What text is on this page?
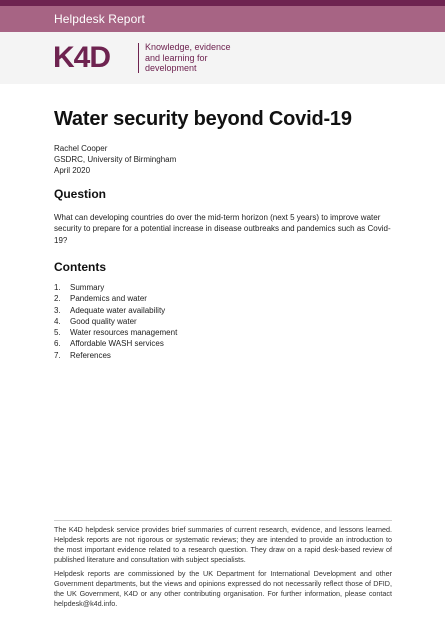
Helpdesk Report
K4D	Knowledge, evidence
and learning for
development
Water security beyond Covid-19
Rachel Cooper
GSDRC, University of Birmingham
April 2020
Question

What can developing countries do over the mid-term horizon (next 5 years) to improve water security to prepare for a potential increase in disease outbreaks and pandemics such as Covid-19?

Contents
1. Summary
2. Pandemics and water
3. Adequate water availability
4. Good quality water
5. Water resources management
6. Affordable WASH services
7. References

The K4D helpdesk service provides brief summaries of current research, evidence, and lessons learned. Helpdesk reports are not rigorous or systematic reviews; they are intended to provide an introduction to the most important evidence related to a research question. They draw on a rapid desk-based review of published literature and consultation with subject specialists.

Helpdesk reports are commissioned by the UK Department for International Development and other Government departments, but the views and opinions expressed do not necessarily reflect those of DFID, the UK Government, K4D or any other contributing organisation. For further information, please contact helpdesk@k4d.info.
